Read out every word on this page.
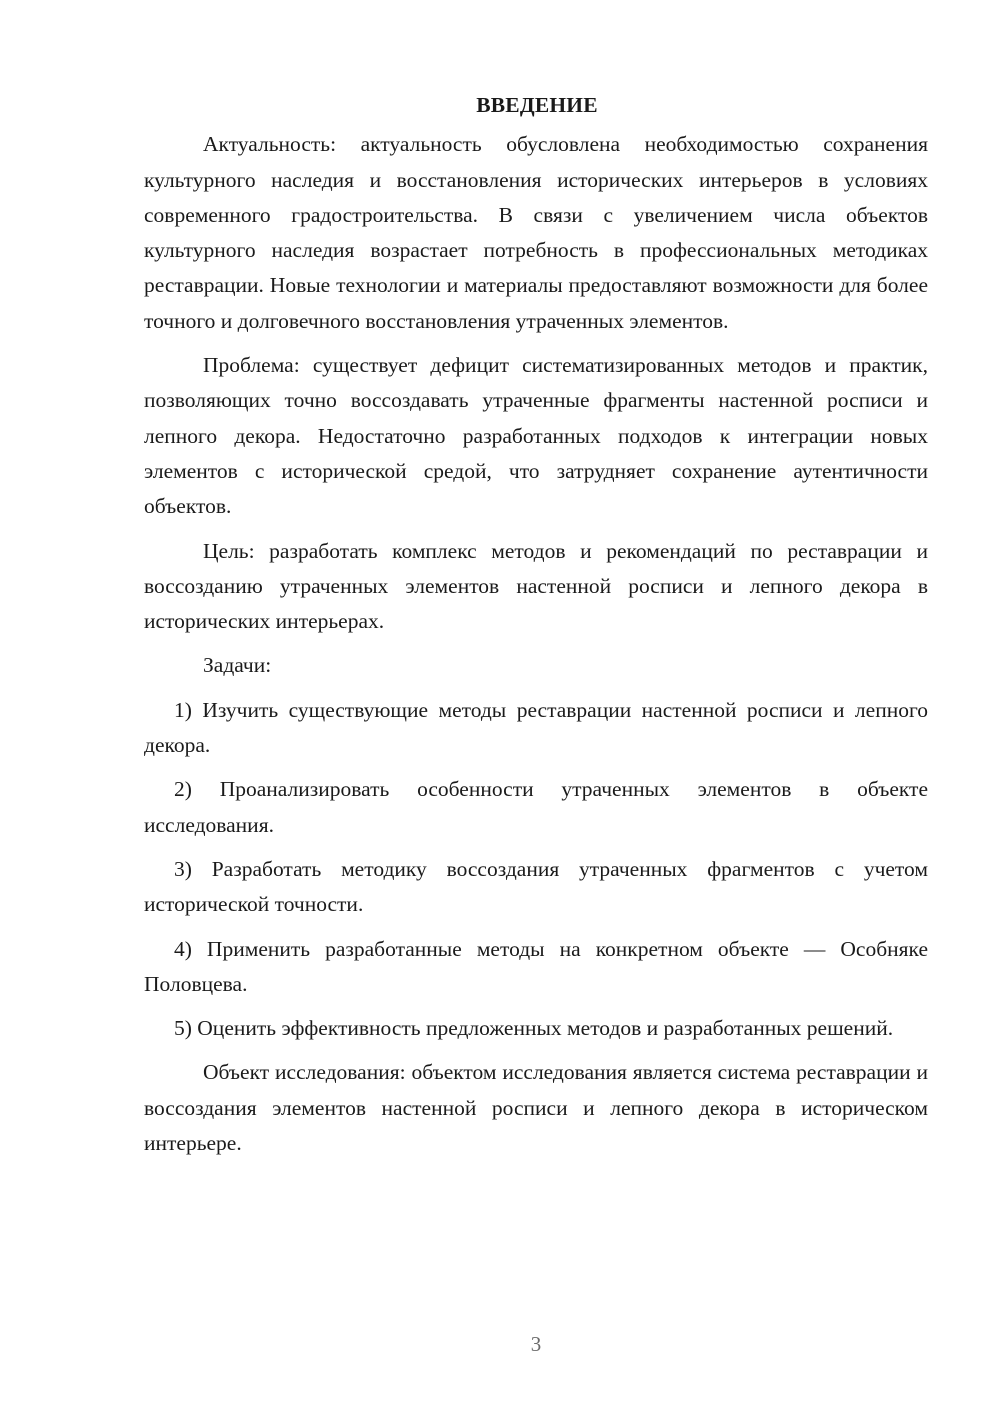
ВВЕДЕНИЕ

Актуальность: актуальность обусловлена необходимостью сохранения культурного наследия и восстановления исторических интерьеров в условиях современного градостроительства. В связи с увеличением числа объектов культурного наследия возрастает потребность в профессиональных методиках реставрации. Новые технологии и материалы предоставляют возможности для более точного и долговечного восстановления утраченных элементов.

Проблема: существует дефицит систематизированных методов и практик, позволяющих точно воссоздавать утраченные фрагменты настенной росписи и лепного декора. Недостаточно разработанных подходов к интеграции новых элементов с исторической средой, что затрудняет сохранение аутентичности объектов.

Цель: разработать комплекс методов и рекомендаций по реставрации и воссозданию утраченных элементов настенной росписи и лепного декора в исторических интерьерах.

Задачи:

1) Изучить существующие методы реставрации настенной росписи и лепного декора.

2) Проанализировать особенности утраченных элементов в объекте исследования.

3) Разработать методику воссоздания утраченных фрагментов с учетом исторической точности.

4) Применить разработанные методы на конкретном объекте — Особняке Половцева.

5) Оценить эффективность предложенных методов и разработанных решений.

Объект исследования: объектом исследования является система реставрации и воссоздания элементов настенной росписи и лепного декора в историческом интерьере.

3
